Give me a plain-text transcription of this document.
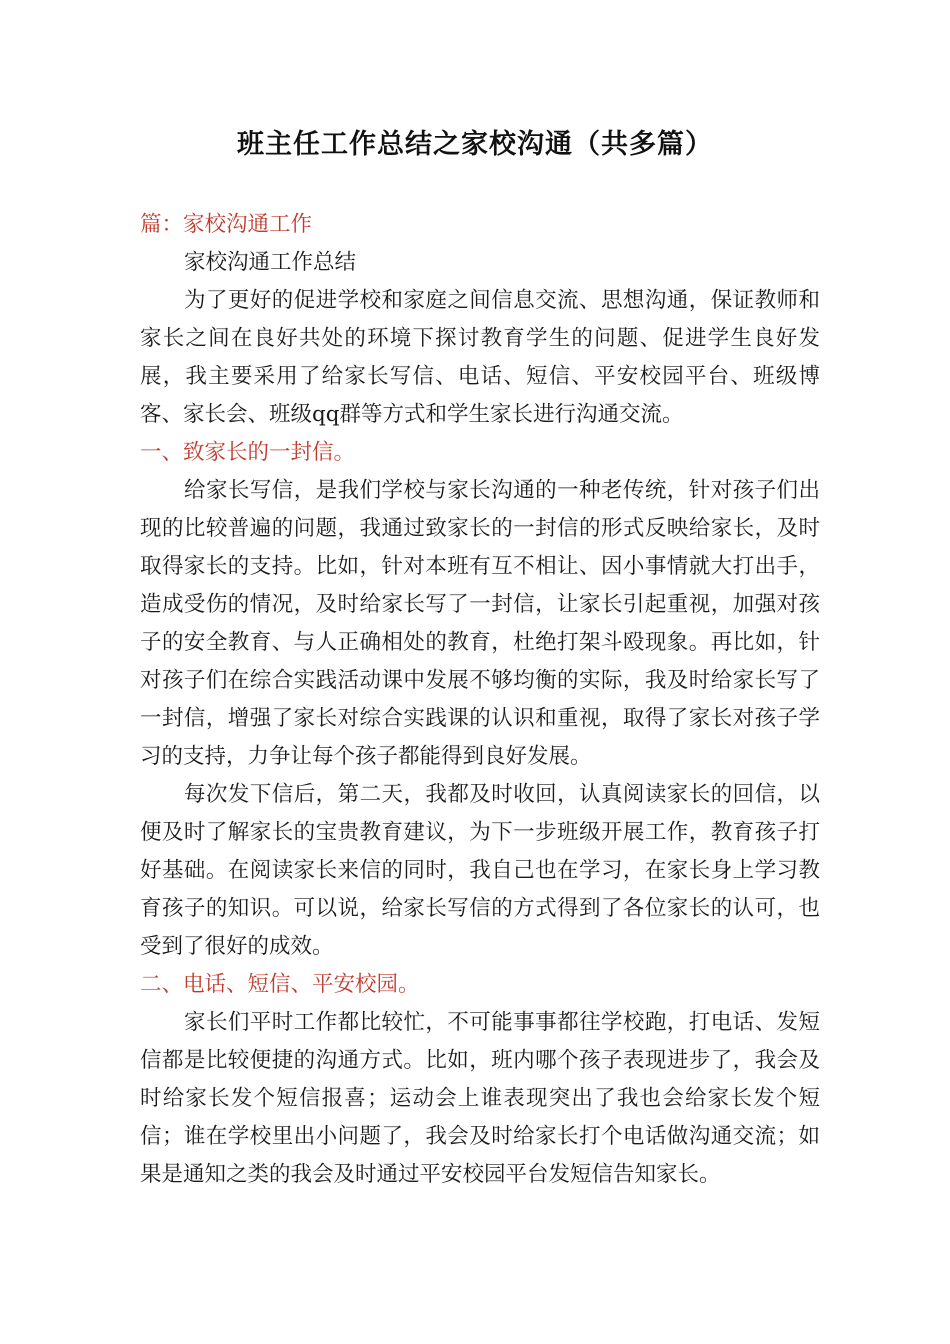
班主任工作总结之家校沟通（共多篇）

篇：家校沟通工作

家校沟通工作总结

为了更好的促进学校和家庭之间信息交流、思想沟通，保证教师和家长之间在良好共处的环境下探讨教育学生的问题、促进学生良好发展，我主要采用了给家长写信、电话、短信、平安校园平台、班级博客、家长会、班级qq群等方式和学生家长进行沟通交流。

一、致家长的一封信。

给家长写信，是我们学校与家长沟通的一种老传统，针对孩子们出现的比较普遍的问题，我通过致家长的一封信的形式反映给家长，及时取得家长的支持。比如，针对本班有互不相让、因小事情就大打出手，造成受伤的情况，及时给家长写了一封信，让家长引起重视，加强对孩子的安全教育、与人正确相处的教育，杜绝打架斗殴现象。再比如，针对孩子们在综合实践活动课中发展不够均衡的实际，我及时给家长写了一封信，增强了家长对综合实践课的认识和重视，取得了家长对孩子学习的支持，力争让每个孩子都能得到良好发展。

每次发下信后，第二天，我都及时收回，认真阅读家长的回信，以便及时了解家长的宝贵教育建议，为下一步班级开展工作，教育孩子打好基础。在阅读家长来信的同时，我自己也在学习，在家长身上学习教育孩子的知识。可以说，给家长写信的方式得到了各位家长的认可，也受到了很好的成效。

二、电话、短信、平安校园。

家长们平时工作都比较忙，不可能事事都往学校跑，打电话、发短信都是比较便捷的沟通方式。比如，班内哪个孩子表现进步了，我会及时给家长发个短信报喜；运动会上谁表现突出了我也会给家长发个短信；谁在学校里出小问题了，我会及时给家长打个电话做沟通交流；如果是通知之类的我会及时通过平安校园平台发短信告知家长。
